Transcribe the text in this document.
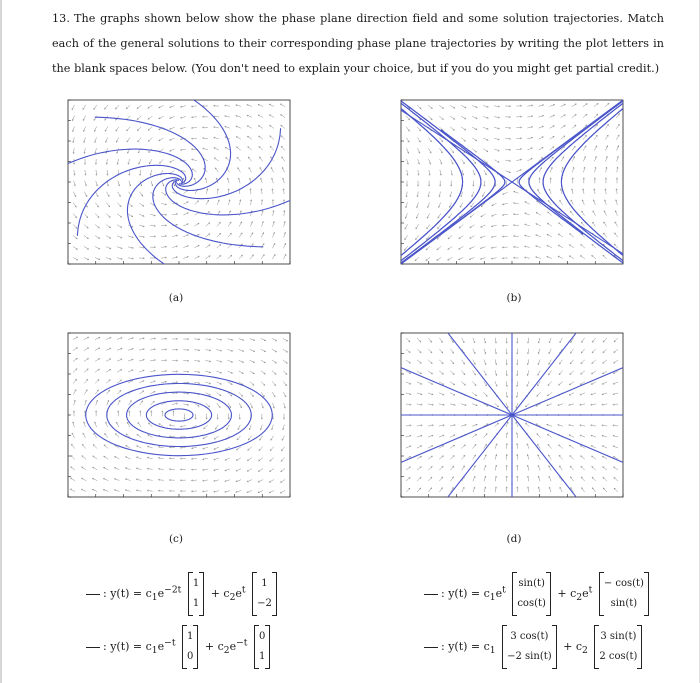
13. The graphs shown below show the phase plane direction field and some solution trajectories. Match each of the general solutions to their corresponding phase plane trajectories by writing the plot letters in the blank spaces below. (You don't need to explain your choice, but if you do you might get partial credit.)
(a)	(b)
(c)	(d)
: $y(t) = c_1e^{-2t}$
1
1
+ $c_2e^t$
1
−2
: $y(t) = c_1e^t$
sin(t)
cos(t)
+ $c_2e^t$
− cos(t)
sin(t)
: $y(t) = c_1e^{-t}$
1
0
+ $c_2e^{-t}$
0
1
: $y(t) = c_1$
3 cos(t)
−2 sin(t)
+ $c_2$
3 sin(t)
2 cos(t)
